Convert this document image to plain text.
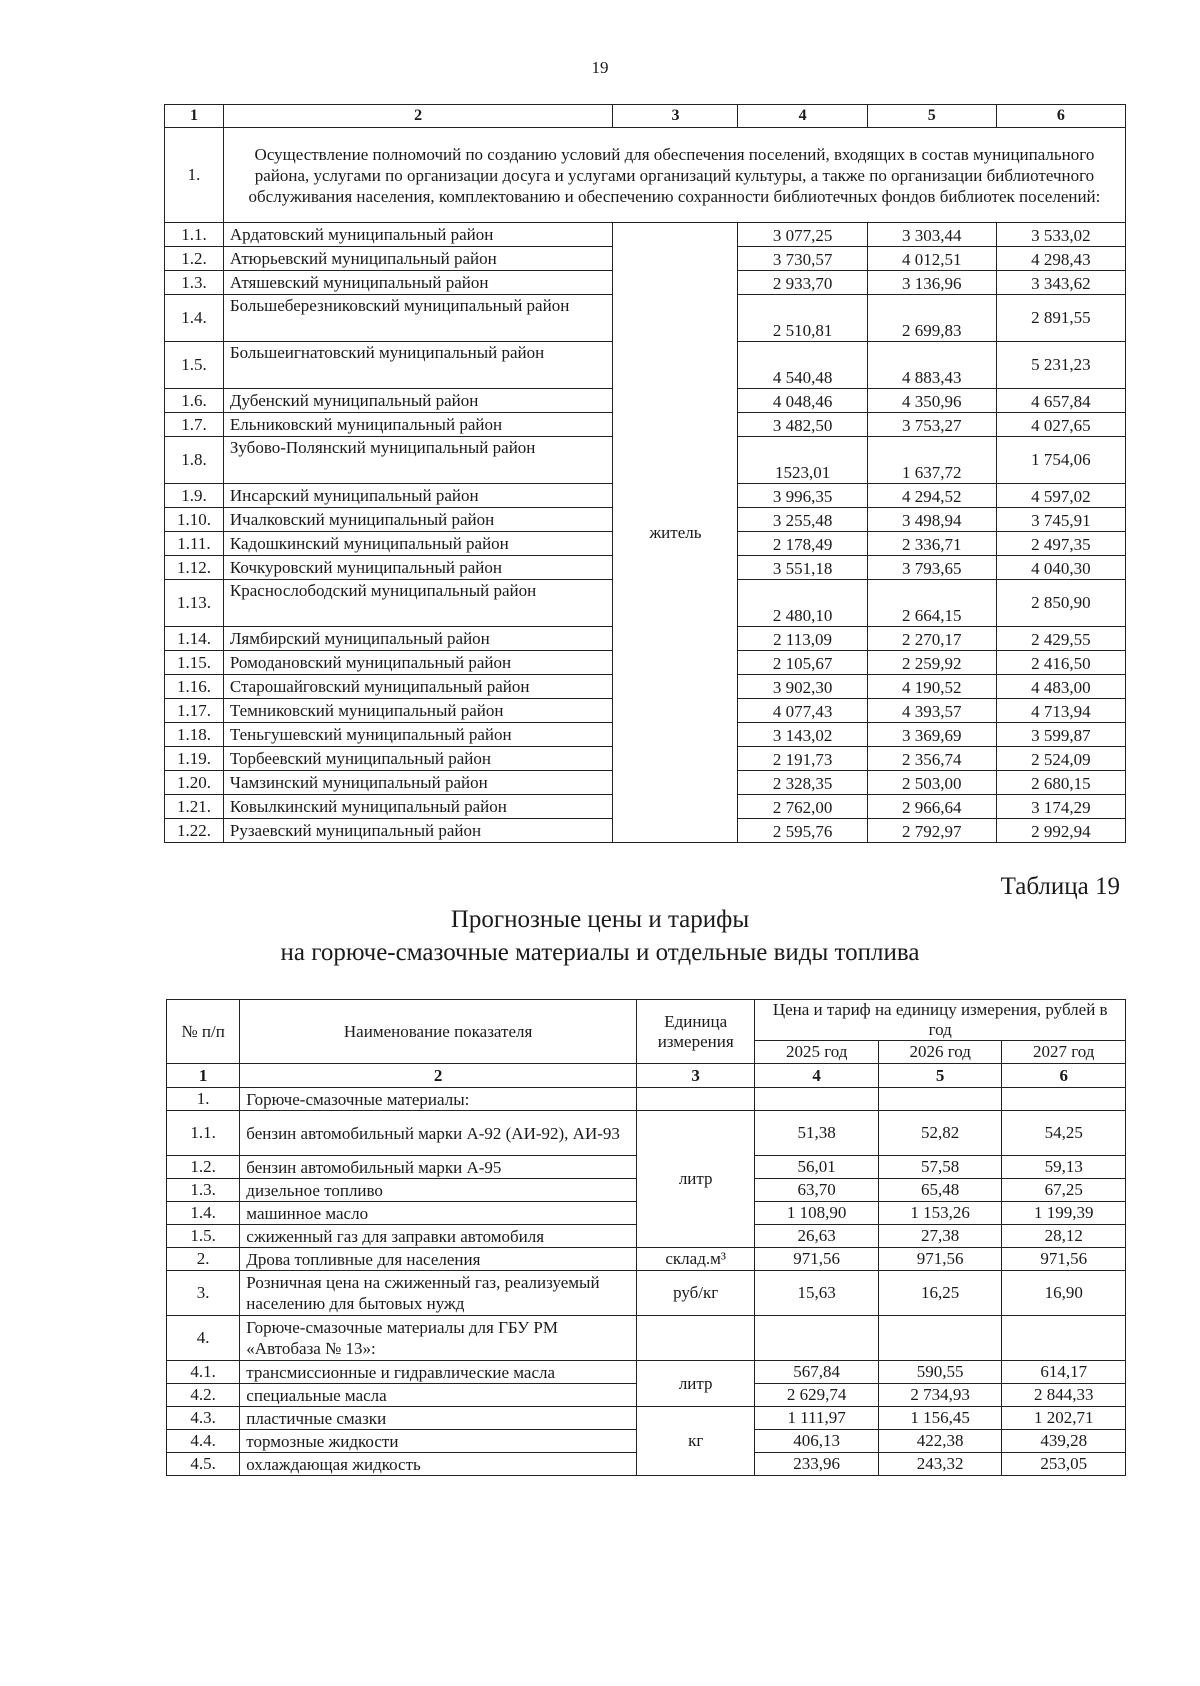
19
1	2	3	4	5	6
1.	Осуществление полномочий по созданию условий для обеспечения поселений, входящих в состав муниципального района, услугами по организации досуга и услугами организаций культуры, а также по организации библиотечного обслуживания населения, комплектованию и обеспечению сохранности библиотечных фондов библиотек поселений:				
1.1.	Ардатовский муниципальный район	житель	3 077,25	3 303,44	3 533,02
1.2.	Атюрьевский муниципальный район		3 730,57	4 012,51	4 298,43
1.3.	Атяшевский муниципальный район		2 933,70	3 136,96	3 343,62
1.4.	Большеберезниковский муниципальный район		2 510,81	2 699,83	2 891,55
1.5.	Большеигнатовский муниципальный район		4 540,48	4 883,43	5 231,23
1.6.	Дубенский муниципальный район		4 048,46	4 350,96	4 657,84
1.7.	Ельниковский муниципальный район		3 482,50	3 753,27	4 027,65
1.8.	Зубово-Полянский муниципальный район		1523,01	1 637,72	1 754,06
1.9.	Инсарский муниципальный район		3 996,35	4 294,52	4 597,02
1.10.	Ичалковский муниципальный район		3 255,48	3 498,94	3 745,91
1.11.	Кадошкинский муниципальный район		2 178,49	2 336,71	2 497,35
1.12.	Кочкуровский муниципальный район		3 551,18	3 793,65	4 040,30
1.13.	Краснослободский муниципальный район		2 480,10	2 664,15	2 850,90
1.14.	Лямбирский муниципальный район		2 113,09	2 270,17	2 429,55
1.15.	Ромодановский муниципальный район		2 105,67	2 259,92	2 416,50
1.16.	Старошайговский муниципальный район		3 902,30	4 190,52	4 483,00
1.17.	Темниковский муниципальный район		4 077,43	4 393,57	4 713,94
1.18.	Теньгушевский муниципальный район		3 143,02	3 369,69	3 599,87
1.19.	Торбеевский муниципальный район		2 191,73	2 356,74	2 524,09
1.20.	Чамзинский муниципальный район		2 328,35	2 503,00	2 680,15
1.21.	Ковылкинский муниципальный район		2 762,00	2 966,64	3 174,29
1.22.	Рузаевский муниципальный район		2 595,76	2 792,97	2 992,94
Таблица 19
Прогнозные цены и тарифы
на горюче-смазочные материалы и отдельные виды топлива
№ п/п	Наименование показателя	Единица измерения	Цена и тариф на единицу измерения, рублей в год		
			2025 год	2026 год	2027 год
1	2	3	4	5	6
1.	Горюче-смазочные материалы:				
1.1.	бензин автомобильный марки А-92 (АИ-92), АИ-93	литр	51,38	52,82	54,25
1.2.	бензин автомобильный марки А-95		56,01	57,58	59,13
1.3.	дизельное топливо		63,70	65,48	67,25
1.4.	машинное масло		1 108,90	1 153,26	1 199,39
1.5.	сжиженный газ для заправки автомобиля		26,63	27,38	28,12
2.	Дрова топливные для населения	склад.м³	971,56	971,56	971,56
3.	Розничная цена на сжиженный газ, реализуемый населению для бытовых нужд	руб/кг	15,63	16,25	16,90
4.	Горюче-смазочные материалы для ГБУ РМ «Автобаза № 13»:				
4.1.	трансмиссионные и гидравлические масла	литр	567,84	590,55	614,17
4.2.	специальные масла		2 629,74	2 734,93	2 844,33
4.3.	пластичные смазки	кг	1 111,97	1 156,45	1 202,71
4.4.	тормозные жидкости		406,13	422,38	439,28
4.5.	охлаждающая жидкость		233,96	243,32	253,05
